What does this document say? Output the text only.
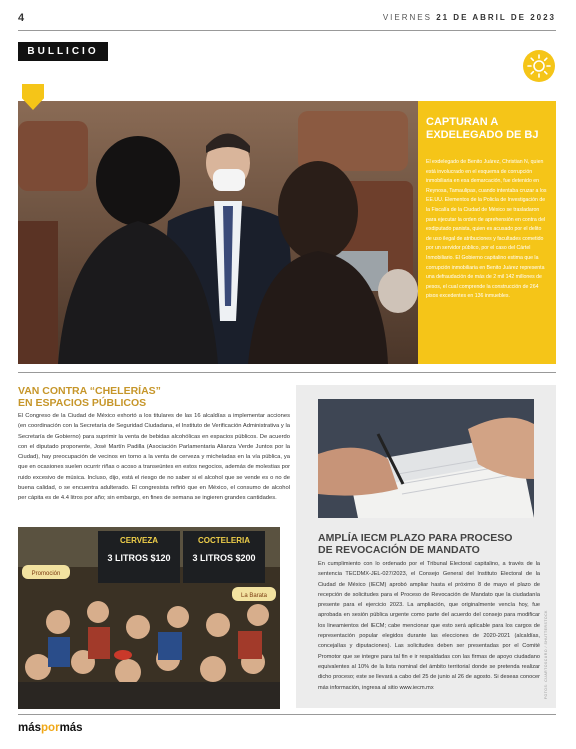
4	VIERNES 21 DE ABRIL DE 2023
BULLICIO
CAPTURAN A EXDELEGADO DE BJ

El exdelegado de Benito Juárez, Christian N, quien está involucrado en el esquema de corrupción inmobiliaria en esa demarcación, fue detenido en Reynosa, Tamaulipas, cuando intentaba cruzar a los EE.UU. Elementos de la Policía de Investigación de la Fiscalía de la Ciudad de México se trasladaron para ejecutar la orden de aprehensión en contra del exdiputado panista, quien es acusado por el delito de uso ilegal de atribuciones y facultades cometido por un servidor público, por el caso del Cártel Inmobiliario. El Gobierno capitalino estima que la corrupción inmobiliaria en Benito Juárez representa una defraudación de más de 2 mil 142 millones de pesos, el cual comprende la construcción de 264 pisos excedentes en 136 inmuebles.

VAN CONTRA “CHELERÍAS”
EN ESPACIOS PÚBLICOS

El Congreso de la Ciudad de México exhortó a los titulares de las 16 alcaldías a implementar acciones (en coordinación con la Secretaría de Seguridad Ciudadana, el Instituto de Verificación Administrativa y la Secretaría de Gobierno) para suprimir la venta de bebidas alcohólicas en espacios públicos. De acuerdo con el diputado proponente, José Martín Padilla (Asociación Parlamentaria Alianza Verde Juntos por la Ciudad), hay preocupación de vecinos en torno a la venta de cerveza y micheladas en la vía pública, ya que en ocasiones suelen ocurrir riñas o acoso a transeúntes en estos negocios, además de molestias por ruido excesivo de música. Incluso, dijo, está el riesgo de no saber si el alcohol que se vende es o no de buena calidad, o se encuentra adulterado. El congresista refirió que en México, el consumo de alcohol per cápita es de 4.4 litros por año; sin embargo, en fines de semana se ingieren grandes cantidades.

CERVEZA
3 LITROS $120
COCTELERIA
3 LITROS $200
Promoción
La Barata
AMPLÍA IECM PLAZO PARA PROCESO
DE REVOCACIÓN DE MANDATO

En cumplimiento con lo ordenado por el Tribunal Electoral capitalino, a través de la sentencia TECDMX-JEL-027/2023, el Consejo General del Instituto Electoral de la Ciudad de México (IECM) aprobó ampliar hasta el próximo 8 de mayo el plazo de recepción de solicitudes para el Proceso de Revocación de Mandato que la ciudadanía presente para el ejercicio 2023. La ampliación, que originalmente vencía hoy, fue aprobada en sesión pública urgente como parte del acuerdo del consejo para modificar los lineamientos del IECM; cabe mencionar que esto será aplicable para los cargos de representación popular elegidos durante las elecciones de 2020-2021 (alcaldías, concejalías y diputaciones). Las solicitudes deben ser presentadas por el Comité Promotor que se integre para tal fin e ir respaldadas con las firmas de apoyo ciudadano equivalentes al 10% de la lista nominal del ámbito territorial donde se pretenda realizar dicho proceso; este se llevará a cabo del 25 de junio al 26 de agosto. Si deseas conocer más información, ingresa al sitio www.iecm.mx	FOTOS: CUARTOSCURO / SHUTTERSTOCK
máspormás
